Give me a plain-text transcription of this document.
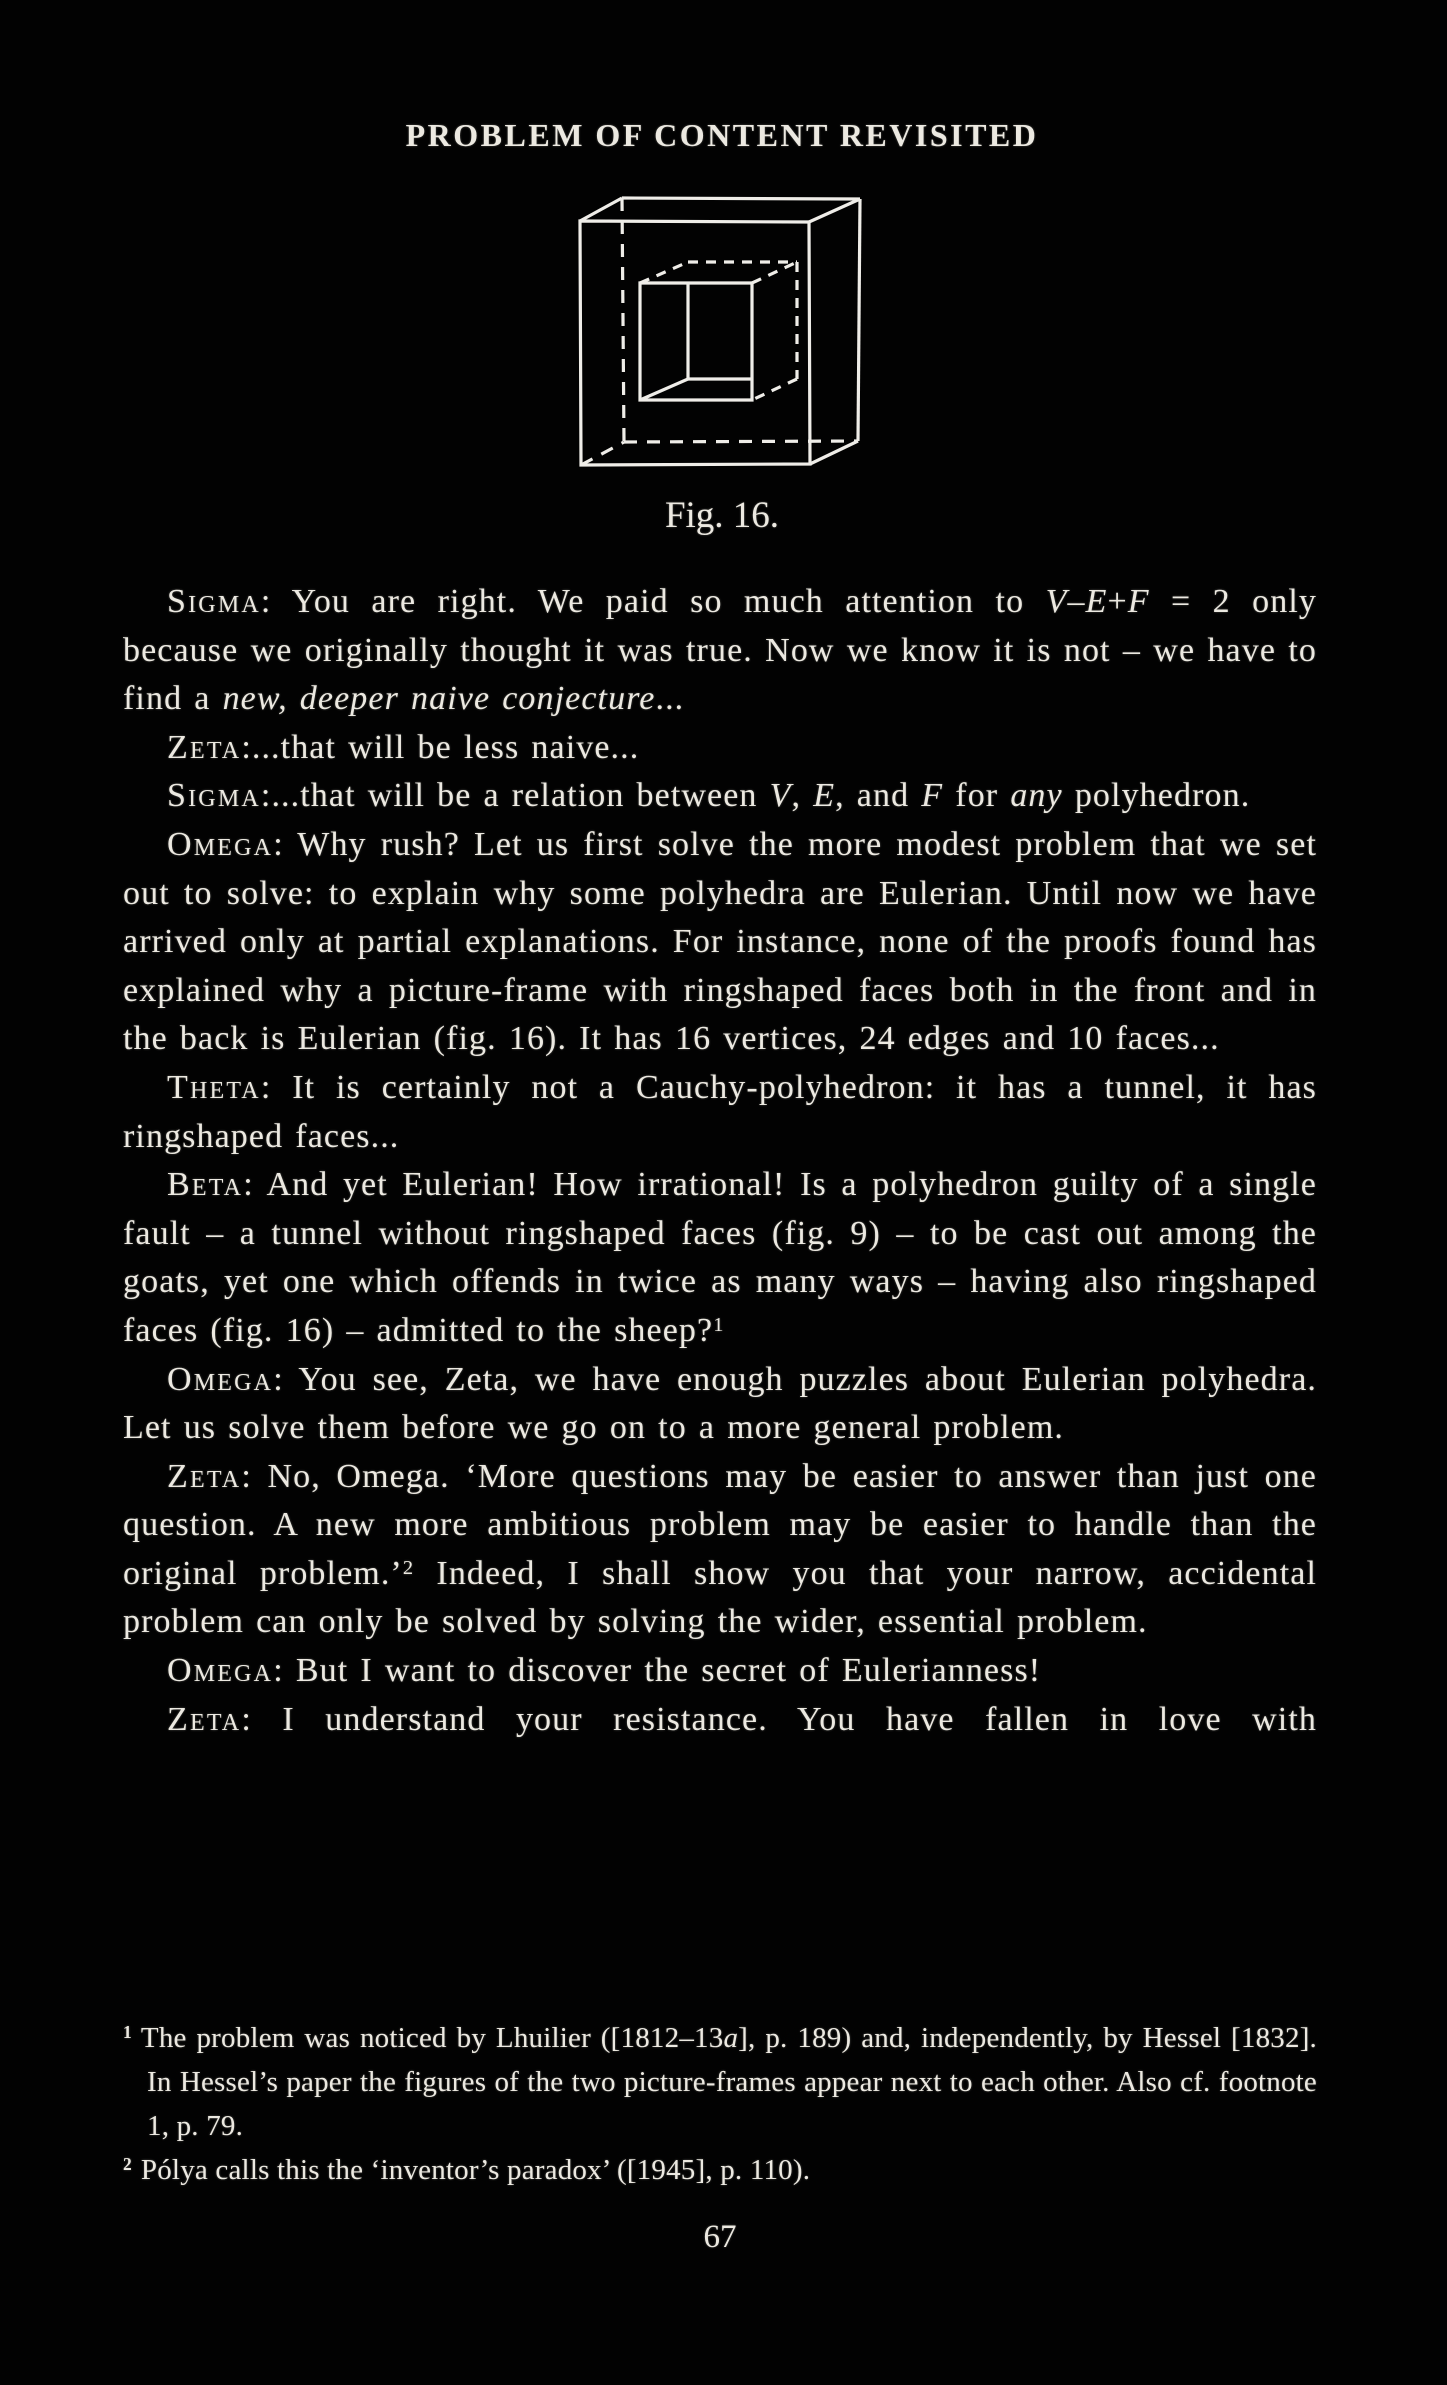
PROBLEM OF CONTENT REVISITED
Fig. 16.

Sigma: You are right. We paid so much attention to V–E+F = 2 only because we originally thought it was true. Now we know it is not – we have to find a new, deeper naive conjecture...

Zeta:...that will be less naive...

Sigma:...that will be a relation between V, E, and F for any polyhedron.

Omega: Why rush? Let us first solve the more modest problem that we set out to solve: to explain why some polyhedra are Eulerian. Until now we have arrived only at partial explanations. For instance, none of the proofs found has explained why a picture-frame with ringshaped faces both in the front and in the back is Eulerian (fig. 16). It has 16 vertices, 24 edges and 10 faces...

Theta: It is certainly not a Cauchy-polyhedron: it has a tunnel, it has ringshaped faces...

Beta: And yet Eulerian! How irrational! Is a polyhedron guilty of a single fault – a tunnel without ringshaped faces (fig. 9) – to be cast out among the goats, yet one which offends in twice as many ways – having also ringshaped faces (fig. 16) – admitted to the sheep?$^1$

Omega: You see, Zeta, we have enough puzzles about Eulerian polyhedra. Let us solve them before we go on to a more general problem.

Zeta: No, Omega. ‘More questions may be easier to answer than just one question. A new more ambitious problem may be easier to handle than the original problem.’$^2$ Indeed, I shall show you that your narrow, accidental problem can only be solved by solving the wider, essential problem.

Omega: But I want to discover the secret of Eulerianness!

Zeta: I understand your resistance. You have fallen in love with

$^1$ The problem was noticed by Lhuilier ([1812–13a], p. 189) and, independently, by Hessel [1832]. In Hessel’s paper the figures of the two picture-frames appear next to each other. Also cf. footnote 1, p. 79.

$^2$ Pólya calls this the ‘inventor’s paradox’ ([1945], p. 110).

67
